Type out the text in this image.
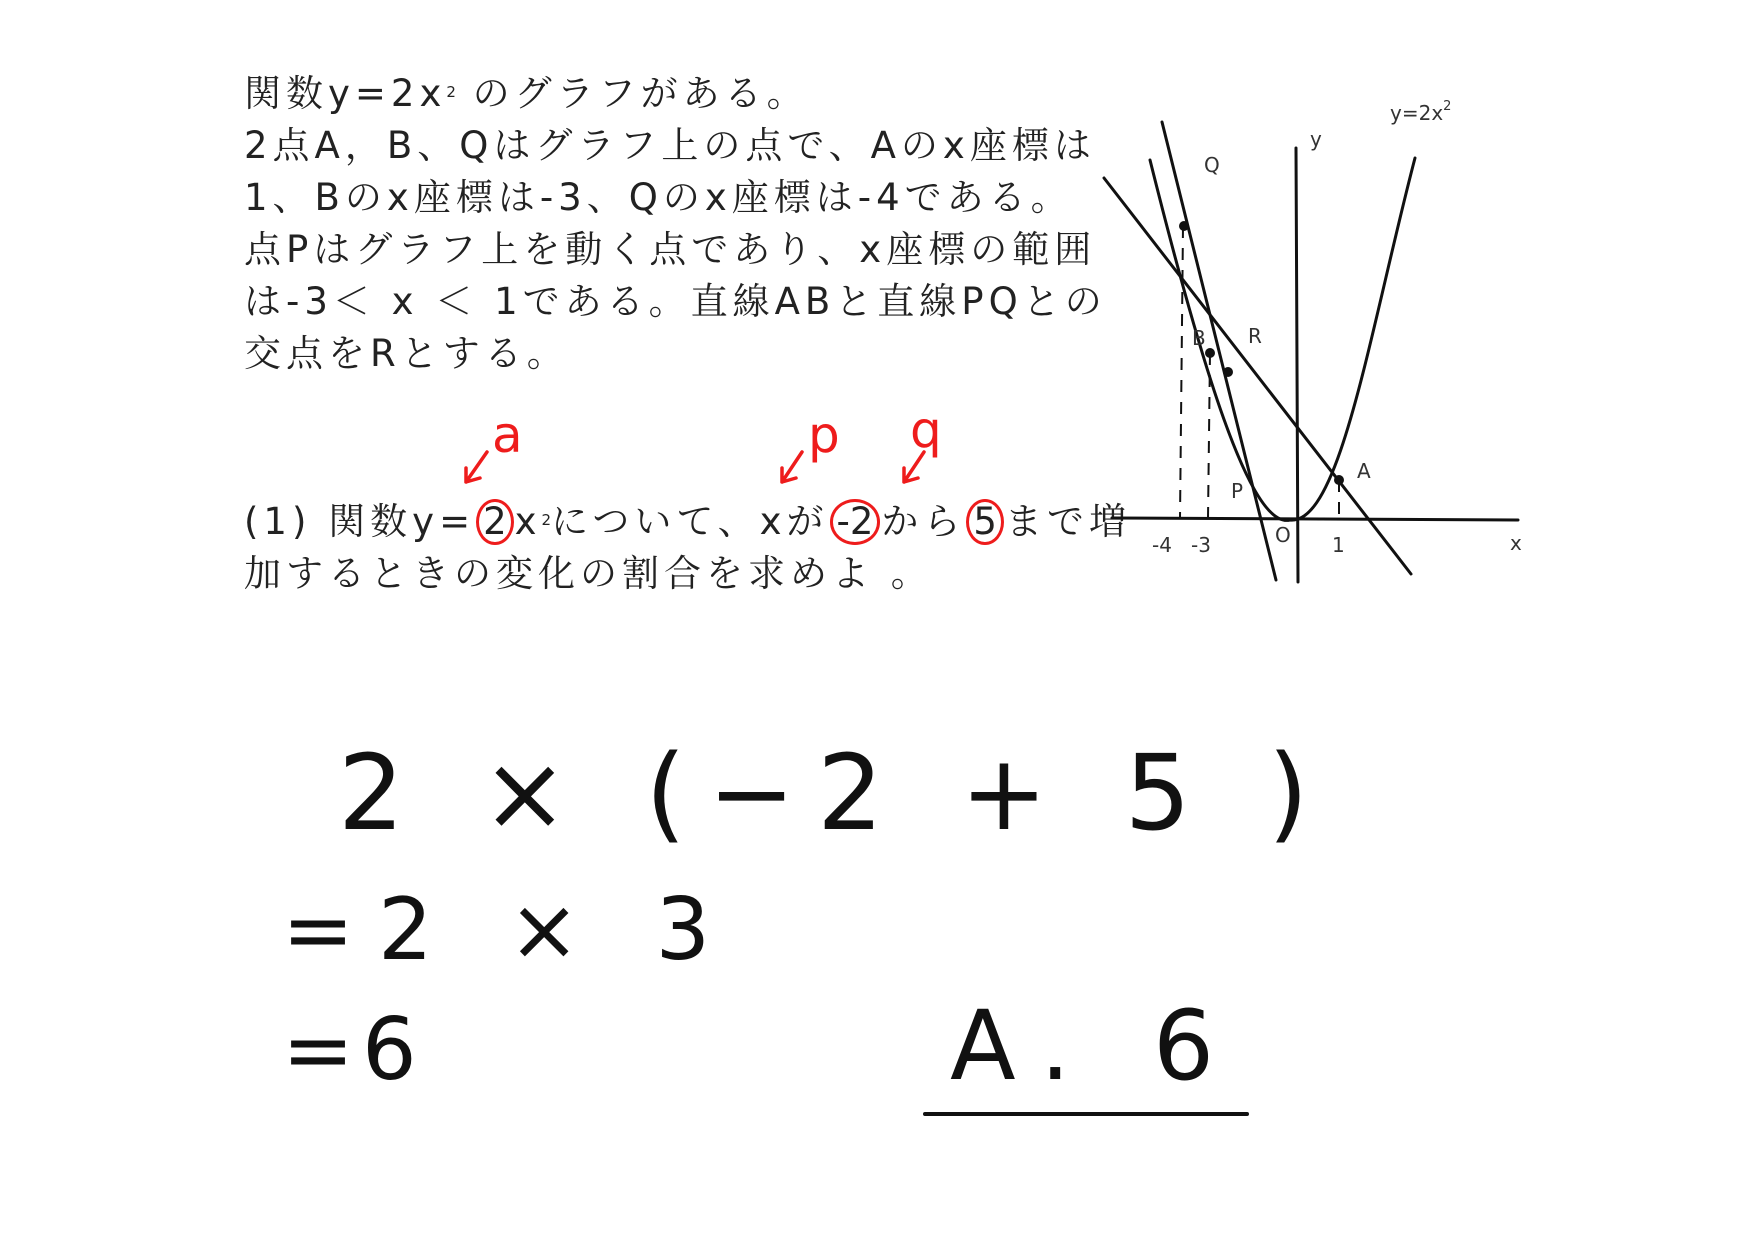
関数$y=2x^2$ のグラフがある。
2点A，B、Qはグラフ上の点で、Aのx座標は
1、Bのx座標は-3、Qのx座標は-4である。
点Pはグラフ上を動く点であり、x座標の範囲
は-3＜ x ＜ 1である。直線ABと直線PQとの
交点をRとする。
a	p q
(1) 関数y= 2 $x^2$について、xが -2 から 5 まで増
加するときの変化の割合を求めよ 。
$y=2x^2$
y
x
O
-4 -3	1
Q
B R
A
P
2 × (−2 + 5 )
=2 × 3
=6	A. 6
